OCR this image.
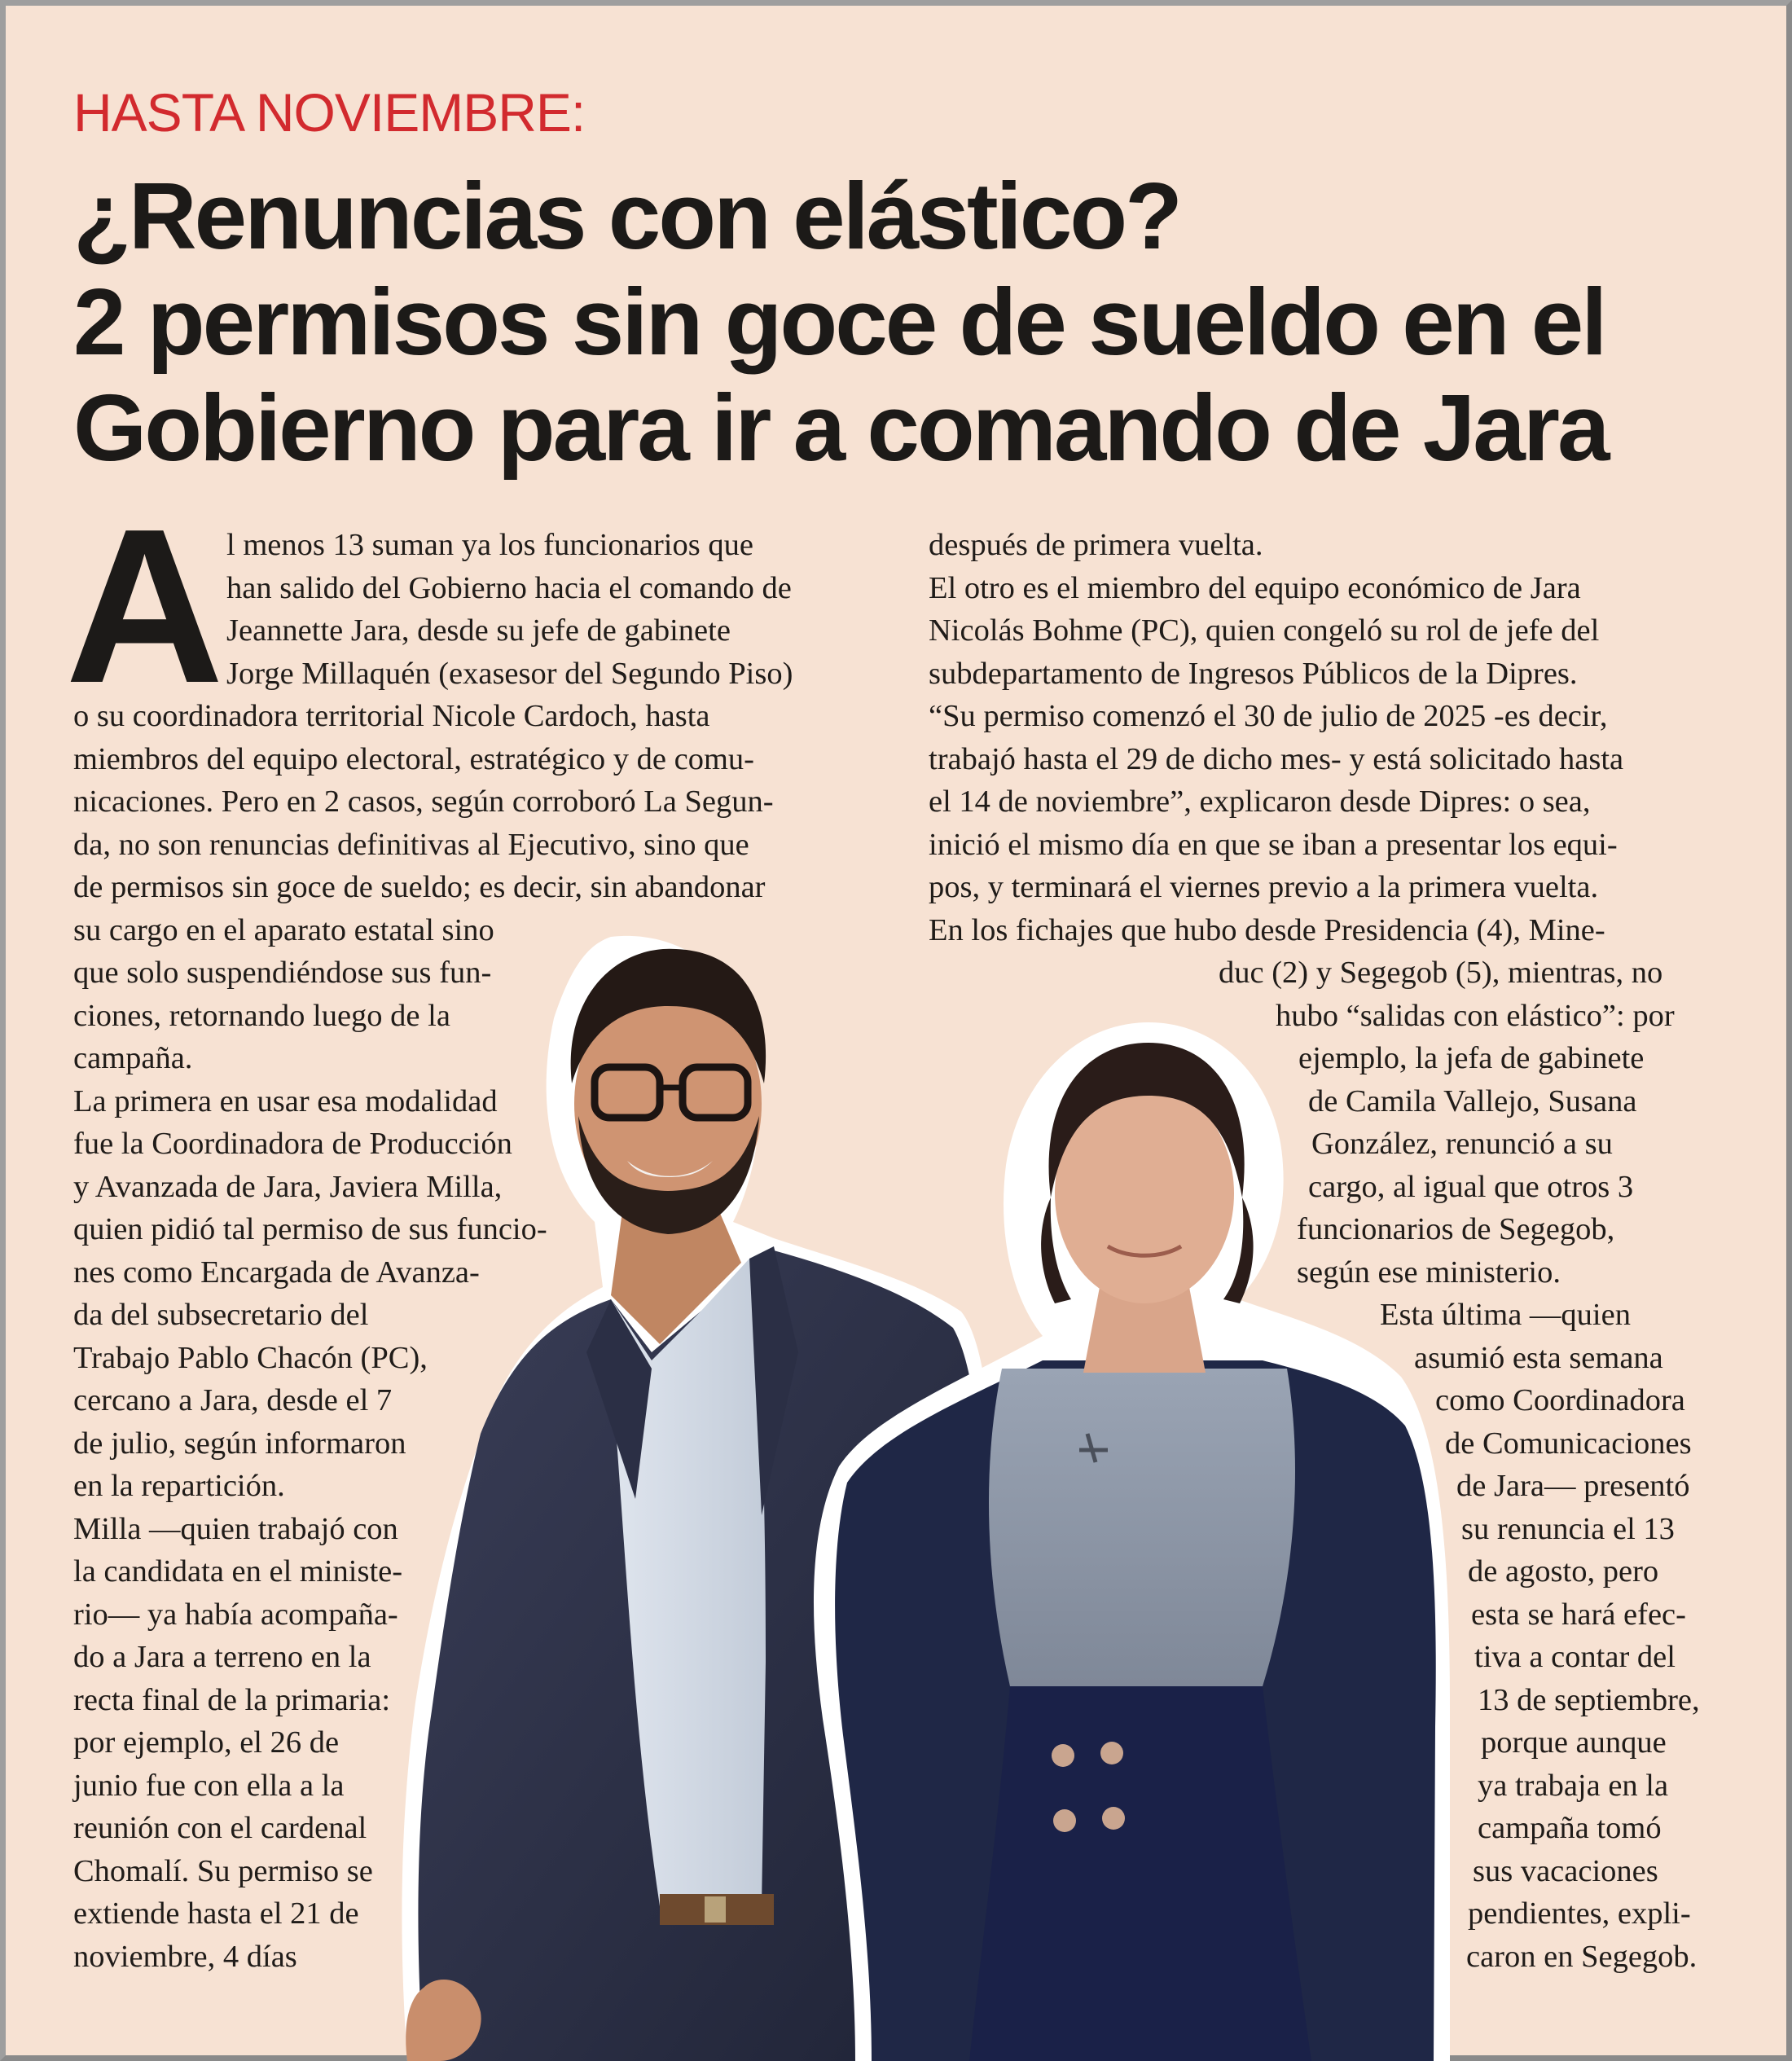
HASTA NOVIEMBRE:
¿Renuncias con elástico?
2 permisos sin goce de sueldo en el
Gobierno para ir a comando de Jara
A l menos 13 suman ya los funcionarios que
han salido del Gobierno hacia el comando de
Jeannette Jara, desde su jefe de gabinete
Jorge Millaquén (exasesor del Segundo Piso)
o su coordinadora territorial Nicole Cardoch, hasta
miembros del equipo electoral, estratégico y de comu-
nicaciones. Pero en 2 casos, según corroboró La Segun-
da, no son renuncias definitivas al Ejecutivo, sino que
de permisos sin goce de sueldo; es decir, sin abandonar
su cargo en el aparato estatal sino
que solo suspendiéndose sus fun-
ciones, retornando luego de la
campaña.
La primera en usar esa modalidad
fue la Coordinadora de Producción
y Avanzada de Jara, Javiera Milla,
quien pidió tal permiso de sus funcio-
nes como Encargada de Avanza-
da del subsecretario del
Trabajo Pablo Chacón (PC),
cercano a Jara, desde el 7
de julio, según informaron
en la repartición.
Milla —quien trabajó con
la candidata en el ministe-
rio— ya había acompaña-
do a Jara a terreno en la
recta final de la primaria:
por ejemplo, el 26 de
junio fue con ella a la
reunión con el cardenal
Chomalí. Su permiso se
extiende hasta el 21 de
noviembre, 4 días
después de primera vuelta.
El otro es el miembro del equipo económico de Jara
Nicolás Bohme (PC), quien congeló su rol de jefe del
subdepartamento de Ingresos Públicos de la Dipres.
“Su permiso comenzó el 30 de julio de 2025 -es decir,
trabajó hasta el 29 de dicho mes- y está solicitado hasta
el 14 de noviembre”, explicaron desde Dipres: o sea,
inició el mismo día en que se iban a presentar los equi-
pos, y terminará el viernes previo a la primera vuelta.
En los fichajes que hubo desde Presidencia (4), Mine-
duc (2) y Segegob (5), mientras, no
hubo “salidas con elástico”: por
ejemplo, la jefa de gabinete
de Camila Vallejo, Susana
González, renunció a su
cargo, al igual que otros 3
funcionarios de Segegob,
según ese ministerio.
Esta última —quien
asumió esta semana
como Coordinadora
de Comunicaciones
de Jara— presentó
su renuncia el 13
de agosto, pero
esta se hará efec-
tiva a contar del
13 de septiembre,
porque aunque
ya trabaja en la
campaña tomó
sus vacaciones
pendientes, expli-
caron en Segegob.
